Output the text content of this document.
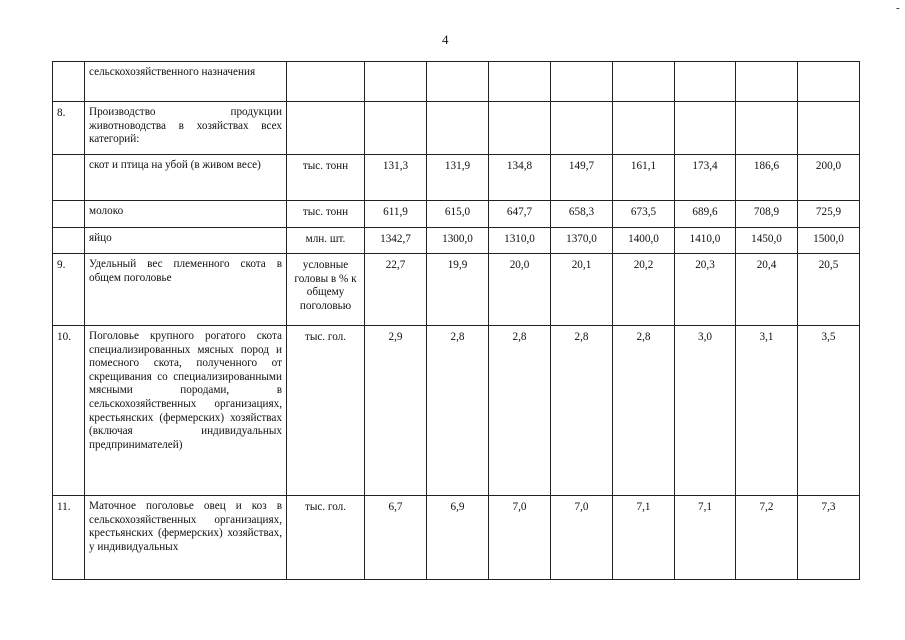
4
-
	сельскохозяйственного назначения									
8.	Производство продукции животноводства в хозяйствах всех категорий:									
	скот и птица на убой (в живом весе)	тыс. тонн	131,3	131,9	134,8	149,7	161,1	173,4	186,6	200,0
	молоко	тыс. тонн	611,9	615,0	647,7	658,3	673,5	689,6	708,9	725,9
	яйцо	млн. шт.	1342,7	1300,0	1310,0	1370,0	1400,0	1410,0	1450,0	1500,0
9.	Удельный вес племенного скота в общем поголовье	условные головы в % к общему поголовью	22,7	19,9	20,0	20,1	20,2	20,3	20,4	20,5
10.	Поголовье крупного рогатого скота специализированных мясных пород и помесного скота, полученного от скрещивания со специализированными мясными породами, в сельскохозяйственных организациях, крестьянских (фермерских) хозяйствах (включая индивидуальных предпринимателей)	тыс. гол.	2,9	2,8	2,8	2,8	2,8	3,0	3,1	3,5
11.	Маточное поголовье овец и коз в сельскохозяйственных организациях, крестьянских (фермерских) хозяйствах, у индивидуальных	тыс. гол.	6,7	6,9	7,0	7,0	7,1	7,1	7,2	7,3
